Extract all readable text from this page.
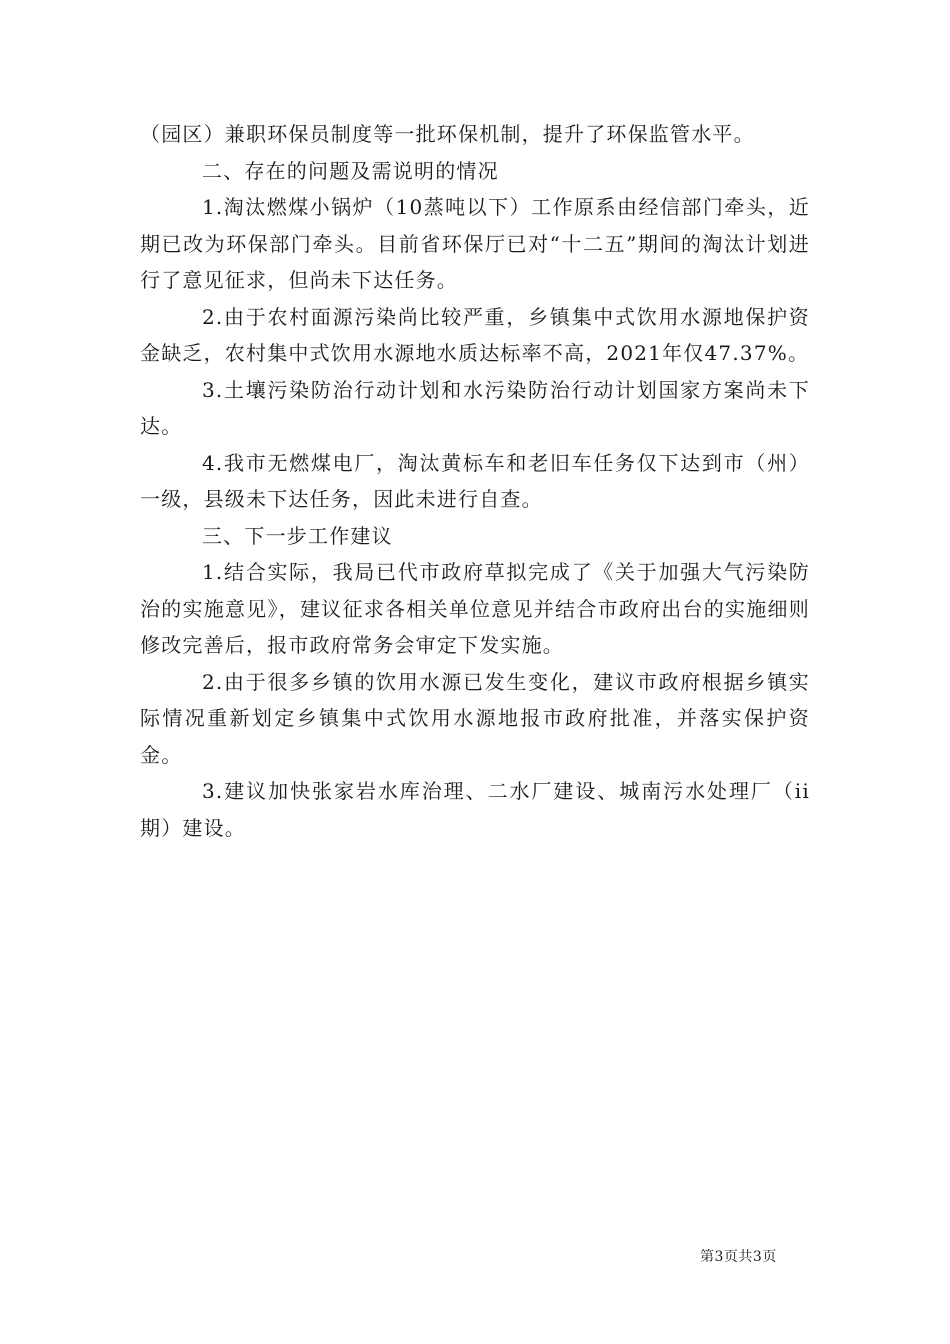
（园区）兼职环保员制度等一批环保机制，提升了环保监管水平。

二、存在的问题及需说明的情况

1.淘汰燃煤小锅炉（10蒸吨以下）工作原系由经信部门牵头，近期已改为环保部门牵头。目前省环保厅已对“十二五”期间的淘汰计划进行了意见征求，但尚未下达任务。

2.由于农村面源污染尚比较严重，乡镇集中式饮用水源地保护资金缺乏，农村集中式饮用水源地水质达标率不高，2021年仅47.37%。

3.土壤污染防治行动计划和水污染防治行动计划国家方案尚未下达。

4.我市无燃煤电厂，淘汰黄标车和老旧车任务仅下达到市（州）一级，县级未下达任务，因此未进行自查。

三、下一步工作建议

1.结合实际，我局已代市政府草拟完成了《关于加强大气污染防治的实施意见》，建议征求各相关单位意见并结合市政府出台的实施细则修改完善后，报市政府常务会审定下发实施。

2.由于很多乡镇的饮用水源已发生变化，建议市政府根据乡镇实际情况重新划定乡镇集中式饮用水源地报市政府批准，并落实保护资金。

3.建议加快张家岩水库治理、二水厂建设、城南污水处理厂（ii期）建设。

第3页共3页
